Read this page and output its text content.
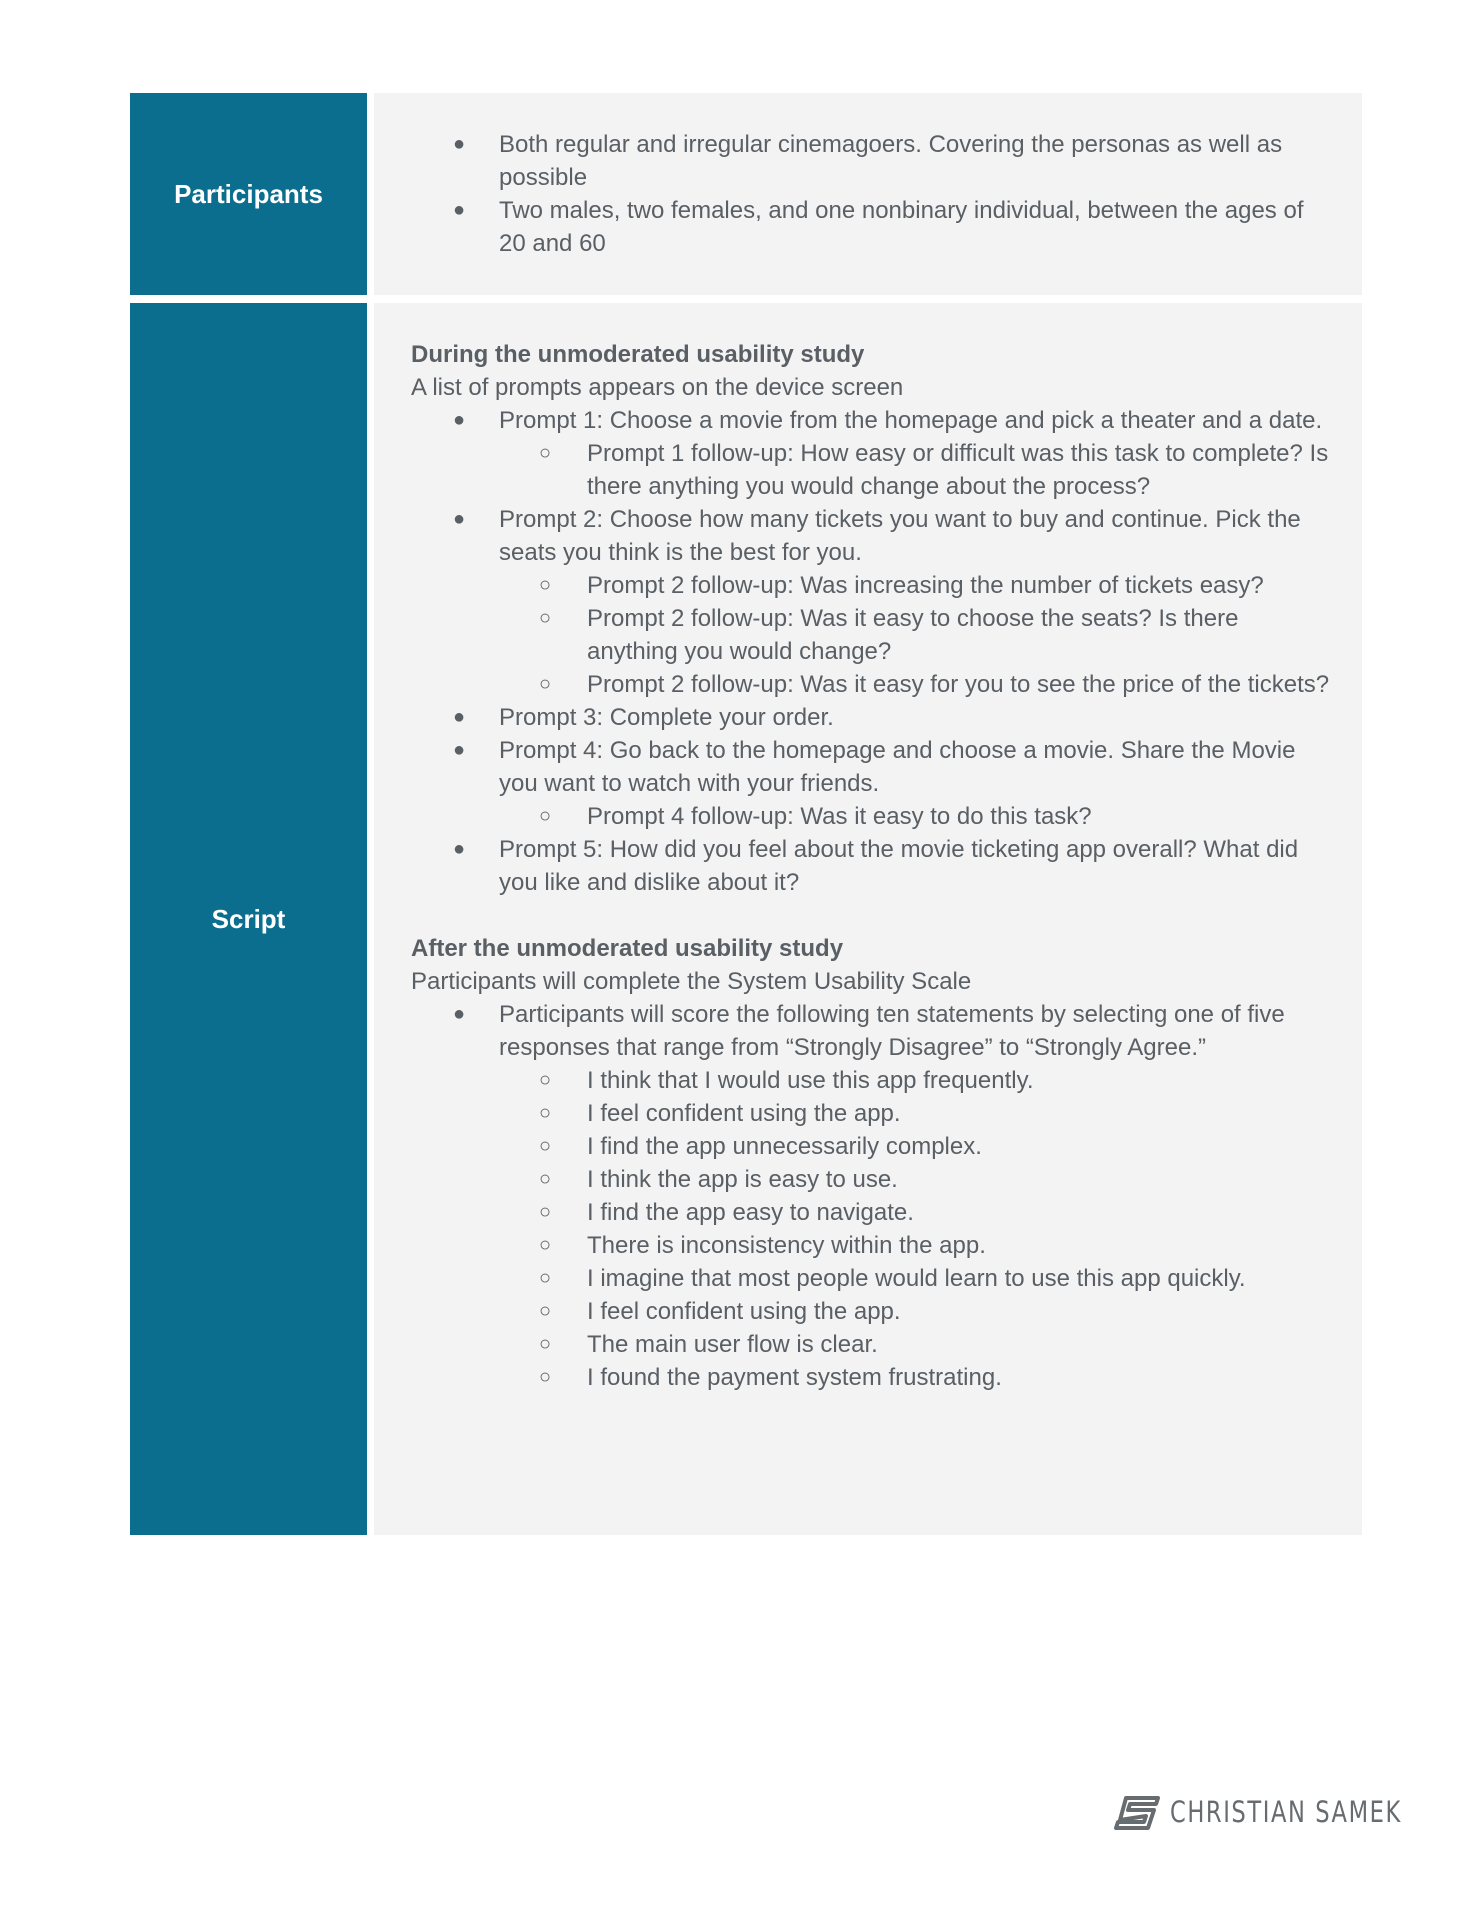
Participants
● Both regular and irregular cinemagoers. Covering the personas as well as possible
● Two males, two females, and one nonbinary individual, between the ages of 20 and 60
Script
During the unmoderated usability study
A list of prompts appears on the device screen
● Prompt 1: Choose a movie from the homepage and pick a theater and a date.
○ Prompt 1 follow-up: How easy or difficult was this task to complete? Is there anything you would change about the process?
● Prompt 2: Choose how many tickets you want to buy and continue. Pick the seats you think is the best for you.
○ Prompt 2 follow-up: Was increasing the number of tickets easy?
○ Prompt 2 follow-up: Was it easy to choose the seats? Is there anything you would change?
○ Prompt 2 follow-up: Was it easy for you to see the price of the tickets?
● Prompt 3: Complete your order.
● Prompt 4: Go back to the homepage and choose a movie. Share the Movie you want to watch with your friends.
○ Prompt 4 follow-up: Was it easy to do this task?
● Prompt 5: How did you feel about the movie ticketing app overall? What did you like and dislike about it?
After the unmoderated usability study
Participants will complete the System Usability Scale
● Participants will score the following ten statements by selecting one of five responses that range from “Strongly Disagree” to “Strongly Agree.”
○ I think that I would use this app frequently.
○ I feel confident using the app.
○ I find the app unnecessarily complex.
○ I think the app is easy to use.
○ I find the app easy to navigate.
○ There is inconsistency within the app.
○ I imagine that most people would learn to use this app quickly.
○ I feel confident using the app.
○ The main user flow is clear.
○ I found the payment system frustrating.
CHRISTIAN SAMEK
